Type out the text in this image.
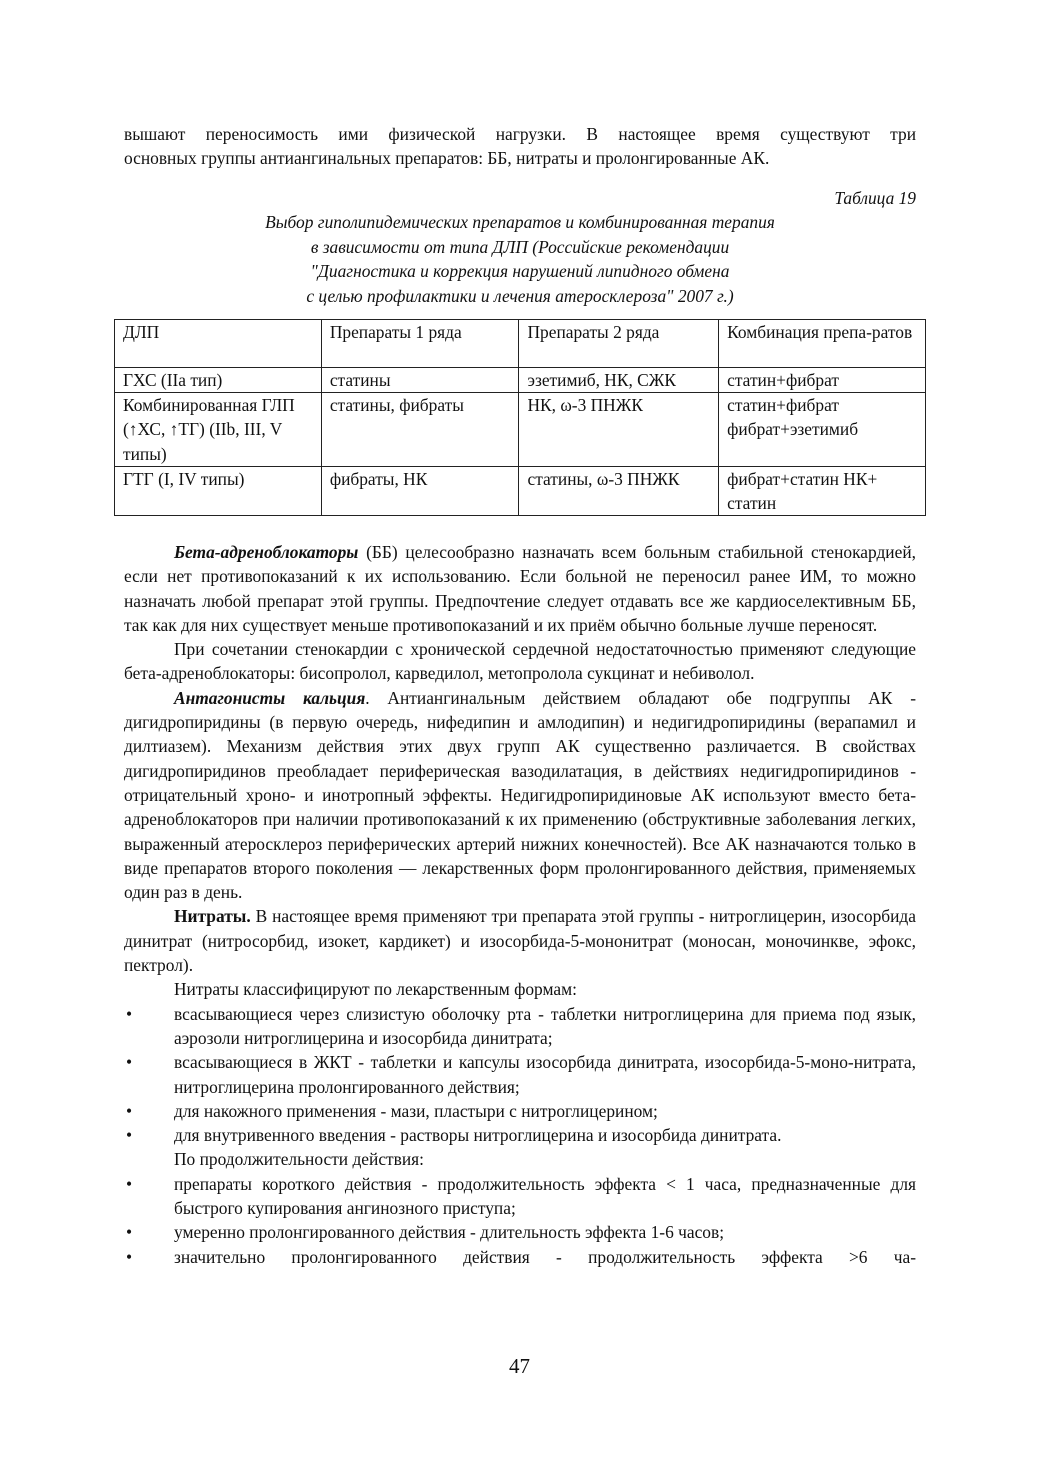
вышают переносимость ими физической нагрузки. В настоящее время существуют три

основных группы антиангинальных препаратов: ББ, нитраты и пролонгированные АК.

Таблица 19

Выбор гиполипидемических препаратов и комбинированная терапия

в зависимости от типа ДЛП (Российские рекомендации

"Диагностика и коррекция нарушений липидного обмена

с целью профилактики и лечения атеросклероза" 2007 г.)

ДЛП	Препараты 1 ряда	Препараты 2 ряда	Комбинация препа-ратов
ГХС (IIa тип)	статины	эзетимиб, НК, СЖК	статин+фибрат
Комбинированная ГЛП (↑ХС, ↑ТГ) (IIb, III, V типы)	статины, фибраты	НК, ω-3 ПНЖК	статин+фибрат фибрат+эзетимиб
ГТГ (I, IV типы)	фибраты, НК	статины, ω-3 ПНЖК	фибрат+статин НК+ статин

Бета-адреноблокаторы (ББ) целесообразно назначать всем больным стабильной стенокардией, если нет противопоказаний к их использованию. Если больной не переносил ранее ИМ, то можно назначать любой препарат этой группы. Предпочтение следует отдавать все же кардиоселективным ББ, так как для них существует меньше противопоказаний и их приём обычно больные лучше переносят.

При сочетании стенокардии с хронической сердечной недостаточностью применяют следующие бета-адреноблокаторы: бисопролол, карведилол, метопролола сукцинат и небиволол.

Антагонисты кальция. Антиангинальным действием обладают обе подгруппы АК - дигидропиридины (в первую очередь, нифедипин и амлодипин) и недигидропиридины (верапамил и дилтиазем). Механизм действия этих двух групп АК существенно различается. В свойствах дигидропиридинов преобладает периферическая вазодилатация, в действиях недигидропиридинов - отрицательный хроно- и инотропный эффекты. Недигидропиридиновые АК используют вместо бета-адреноблокаторов при наличии противопоказаний к их применению (обструктивные заболевания легких, выраженный атеросклероз периферических артерий нижних конечностей). Все АК назначаются только в виде препаратов второго поколения — лекарственных форм пролонгированного действия, применяемых один раз в день.

Нитраты. В настоящее время применяют три препарата этой группы - нитроглицерин, изосорбида динитрат (нитросорбид, изокет, кардикет) и изосорбида-5-мононитрат (моносан, моночинкве, эфокс, пектрол).

Нитраты классифицируют по лекарственным формам:

• всасывающиеся через слизистую оболочку рта - таблетки нитроглицерина для приема под язык, аэрозоли нитроглицерина и изосорбида динитрата;
• всасывающиеся в ЖКТ - таблетки и капсулы изосорбида динитрата, изосорбида-5-моно-нитрата, нитроглицерина пролонгированного действия;
• для накожного применения - мази, пластыри с нитроглицерином;
• для внутривенного введения - растворы нитроглицерина и изосорбида динитрата.

По продолжительности действия:

• препараты короткого действия - продолжительность эффекта < 1 часа, предназначенные для быстрого купирования ангинозного приступа;
• умеренно пролонгированного действия - длительность эффекта 1-6 часов;
• значительно пролонгированного действия - продолжительность эффекта >6 ча-
47
